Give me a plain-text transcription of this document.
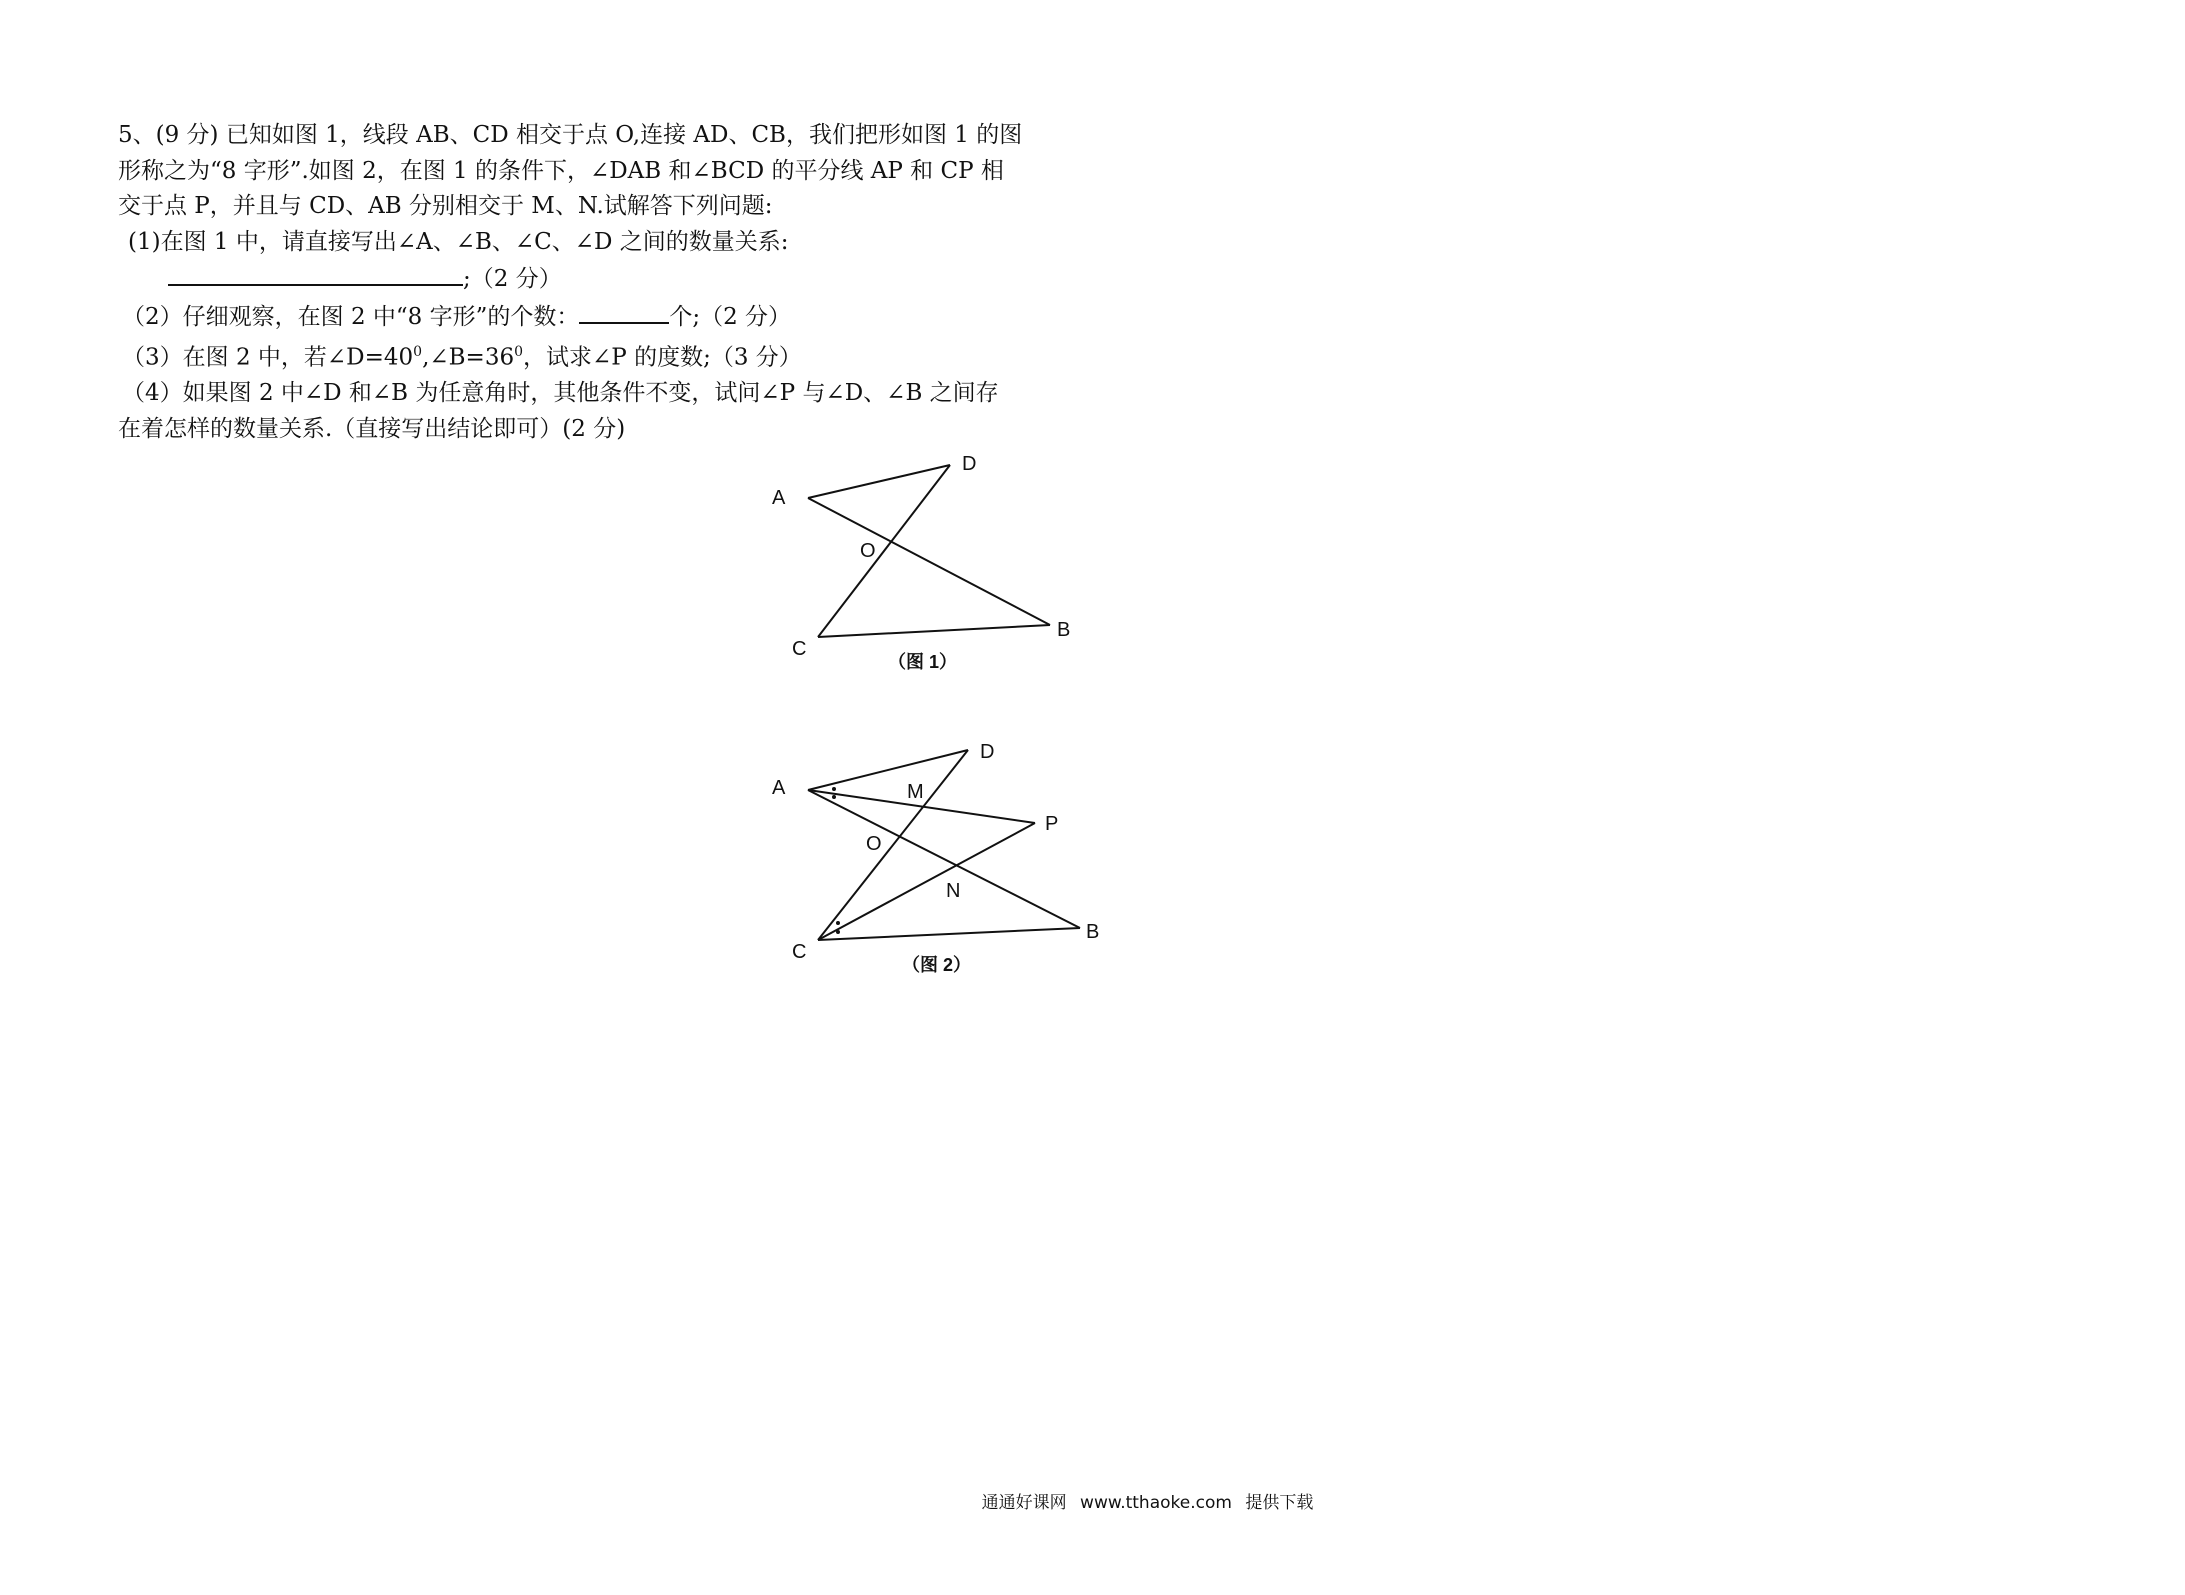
5、(9 分) 已知如图 1，线段 AB、CD 相交于点 O,连接 AD、CB，我们把形如图 1 的图

形称之为“8 字形”.如图 2，在图 1 的条件下，∠DAB 和∠BCD 的平分线 AP 和 CP 相

交于点 P，并且与 CD、AB 分别相交于 M、N.试解答下列问题:

(1)在图 1 中，请直接写出∠A、∠B、∠C、∠D 之间的数量关系:

;（2 分）

（2）仔细观察，在图 2 中“8 字形”的个数：	个;（2 分）

（3）在图 2 中，若$\angle D=40^0,\angle B=36^0$，试求∠P 的度数;（3 分）

（4）如果图 2 中∠D 和∠B 为任意角时，其他条件不变，试问∠P 与∠D、∠B 之间存

在着怎样的数量关系.（直接写出结论即可）(2 分)

A
D
O
C
B
（图 1）
A
D
M
P
O
N
C
B
（图 2）
通通好课网 www.tthaoke.com 提供下载
